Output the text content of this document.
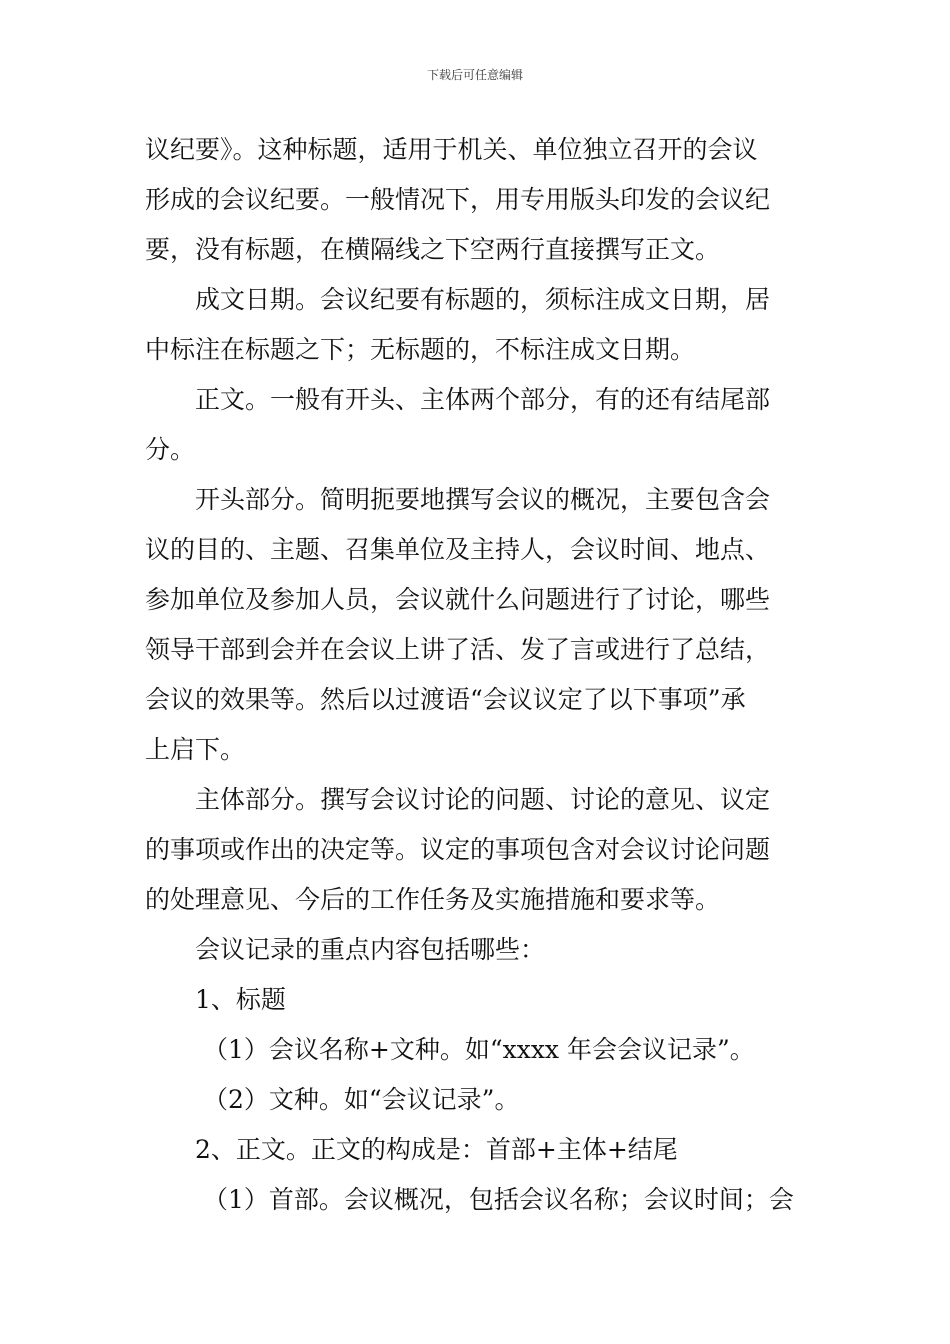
下载后可任意编辑
议纪要》。这种标题，适用于机关、单位独立召开的会议
形成的会议纪要。一般情况下，用专用版头印发的会议纪
要，没有标题，在横隔线之下空两行直接撰写正文。
成文日期。会议纪要有标题的，须标注成文日期，居
中标注在标题之下；无标题的，不标注成文日期。
正文。一般有开头、主体两个部分，有的还有结尾部
分。
开头部分。简明扼要地撰写会议的概况，主要包含会
议的目的、主题、召集单位及主持人，会议时间、地点、
参加单位及参加人员，会议就什么问题进行了讨论，哪些
领导干部到会并在会议上讲了活、发了言或进行了总结，
会议的效果等。然后以过渡语“会议议定了以下事项”承
上启下。
主体部分。撰写会议讨论的问题、讨论的意见、议定
的事项或作出的决定等。议定的事项包含对会议讨论问题
的处理意见、今后的工作任务及实施措施和要求等。
会议记录的重点内容包括哪些：
1、标题
（1）会议名称+文种。如“xxxx 年会会议记录”。
（2）文种。如“会议记录”。
2、正文。正文的构成是：首部+主体+结尾
（1）首部。会议概况，包括会议名称；会议时间；会
